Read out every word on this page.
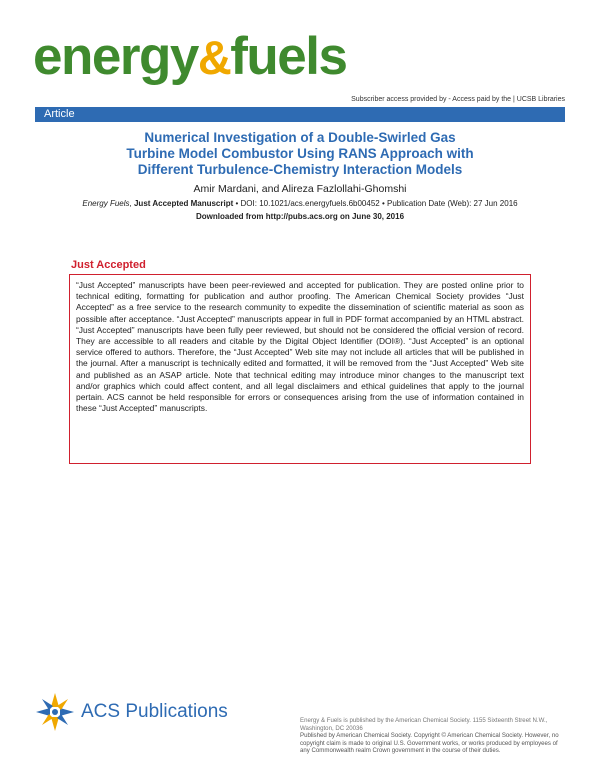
energy&fuels
Subscriber access provided by - Access paid by the | UCSB Libraries
Article
Numerical Investigation of a Double-Swirled Gas
Turbine Model Combustor Using RANS Approach with
Different Turbulence-Chemistry Interaction Models
Amir Mardani, and Alireza Fazlollahi-Ghomshi
Energy Fuels, Just Accepted Manuscript • DOI: 10.1021/acs.energyfuels.6b00452 • Publication Date (Web): 27 Jun 2016
Downloaded from http://pubs.acs.org on June 30, 2016
Just Accepted

“Just Accepted” manuscripts have been peer-reviewed and accepted for publication. They are posted online prior to technical editing, formatting for publication and author proofing. The American Chemical Society provides “Just Accepted” as a free service to the research community to expedite the dissemination of scientific material as soon as possible after acceptance. “Just Accepted” manuscripts appear in full in PDF format accompanied by an HTML abstract. “Just Accepted” manuscripts have been fully peer reviewed, but should not be considered the official version of record. They are accessible to all readers and citable by the Digital Object Identifier (DOI®). “Just Accepted” is an optional service offered to authors. Therefore, the “Just Accepted” Web site may not include all articles that will be published in the journal. After a manuscript is technically edited and formatted, it will be removed from the “Just Accepted” Web site and published as an ASAP article. Note that technical editing may introduce minor changes to the manuscript text and/or graphics which could affect content, and all legal disclaimers and ethical guidelines that apply to the journal pertain. ACS cannot be held responsible for errors or consequences arising from the use of information contained in these “Just Accepted” manuscripts.

ACS Publications	Energy & Fuels is published by the American Chemical Society. 1155 Sixteenth Street N.W., Washington, DC 20036

Published by American Chemical Society. Copyright © American Chemical Society. However, no copyright claim is made to original U.S. Government works, or works produced by employees of any Commonwealth realm Crown government in the course of their duties.
